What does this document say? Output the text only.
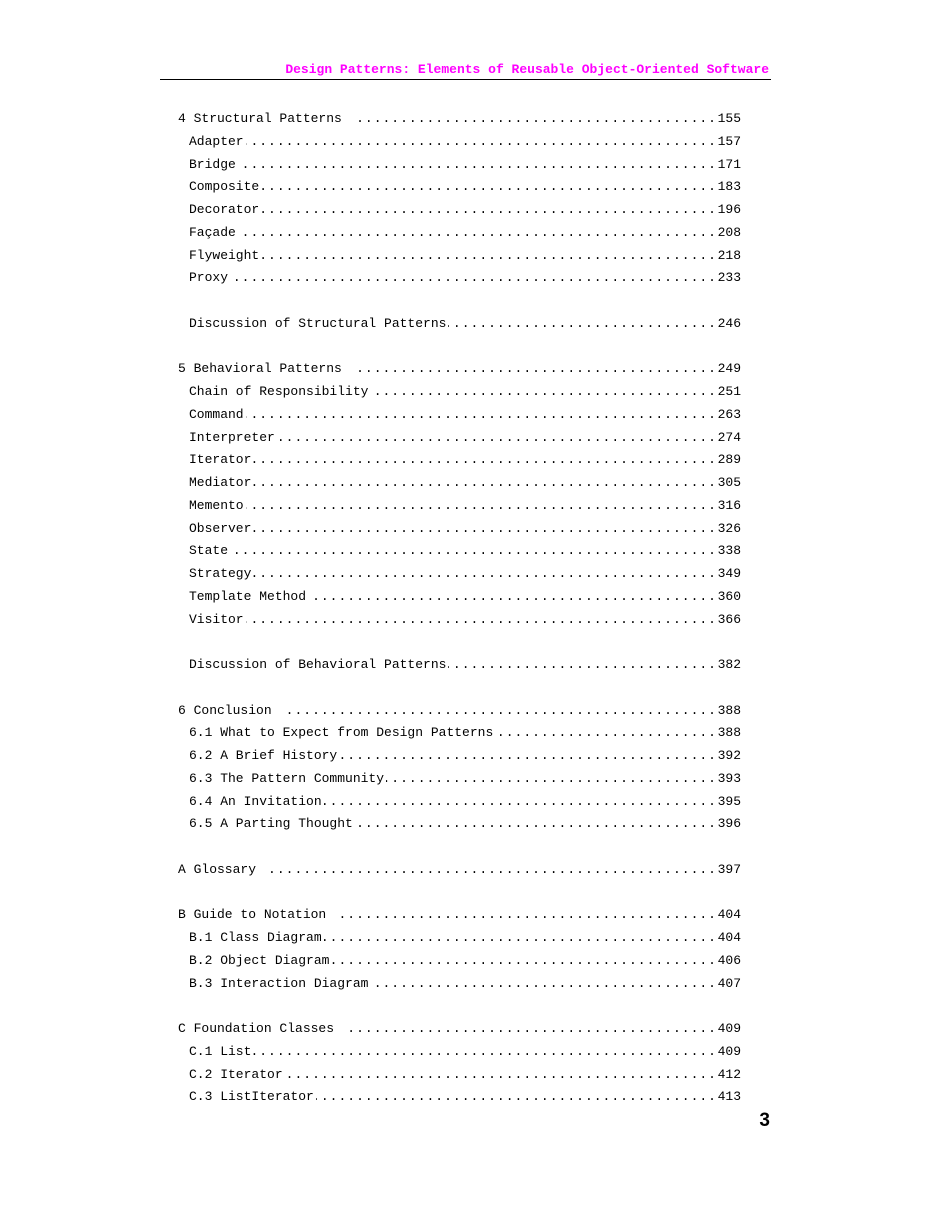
Design Patterns: Elements of Reusable Object-Oriented Software
4 Structural Patterns . . .	155
Adapter . . .	157
Bridge . . .	171
Composite . . .	183
Decorator . . .	196
Façade . . .	208
Flyweight . . .	218
Proxy . . .	233
Discussion of Structural Patterns . . .	246
5 Behavioral Patterns . . .	249
Chain of Responsibility . . .	251
Command . . .	263
Interpreter . . .	274
Iterator . . .	289
Mediator . . .	305
Memento . . .	316
Observer . . .	326
State . . .	338
Strategy . . .	349
Template Method . . .	360
Visitor . . .	366
Discussion of Behavioral Patterns . . .	382
6 Conclusion . . .	388
6.1 What to Expect from Design Patterns . . .	388
6.2 A Brief History . . .	392
6.3 The Pattern Community . . .	393
6.4 An Invitation . . .	395
6.5 A Parting Thought . . .	396
A Glossary . . .	397
B Guide to Notation . . .	404
B.1 Class Diagram . . .	404
B.2 Object Diagram . . .	406
B.3 Interaction Diagram . . .	407
C Foundation Classes . . .	409
C.1 List . . .	409
C.2 Iterator . . .	412
C.3 ListIterator . . .	413
3
